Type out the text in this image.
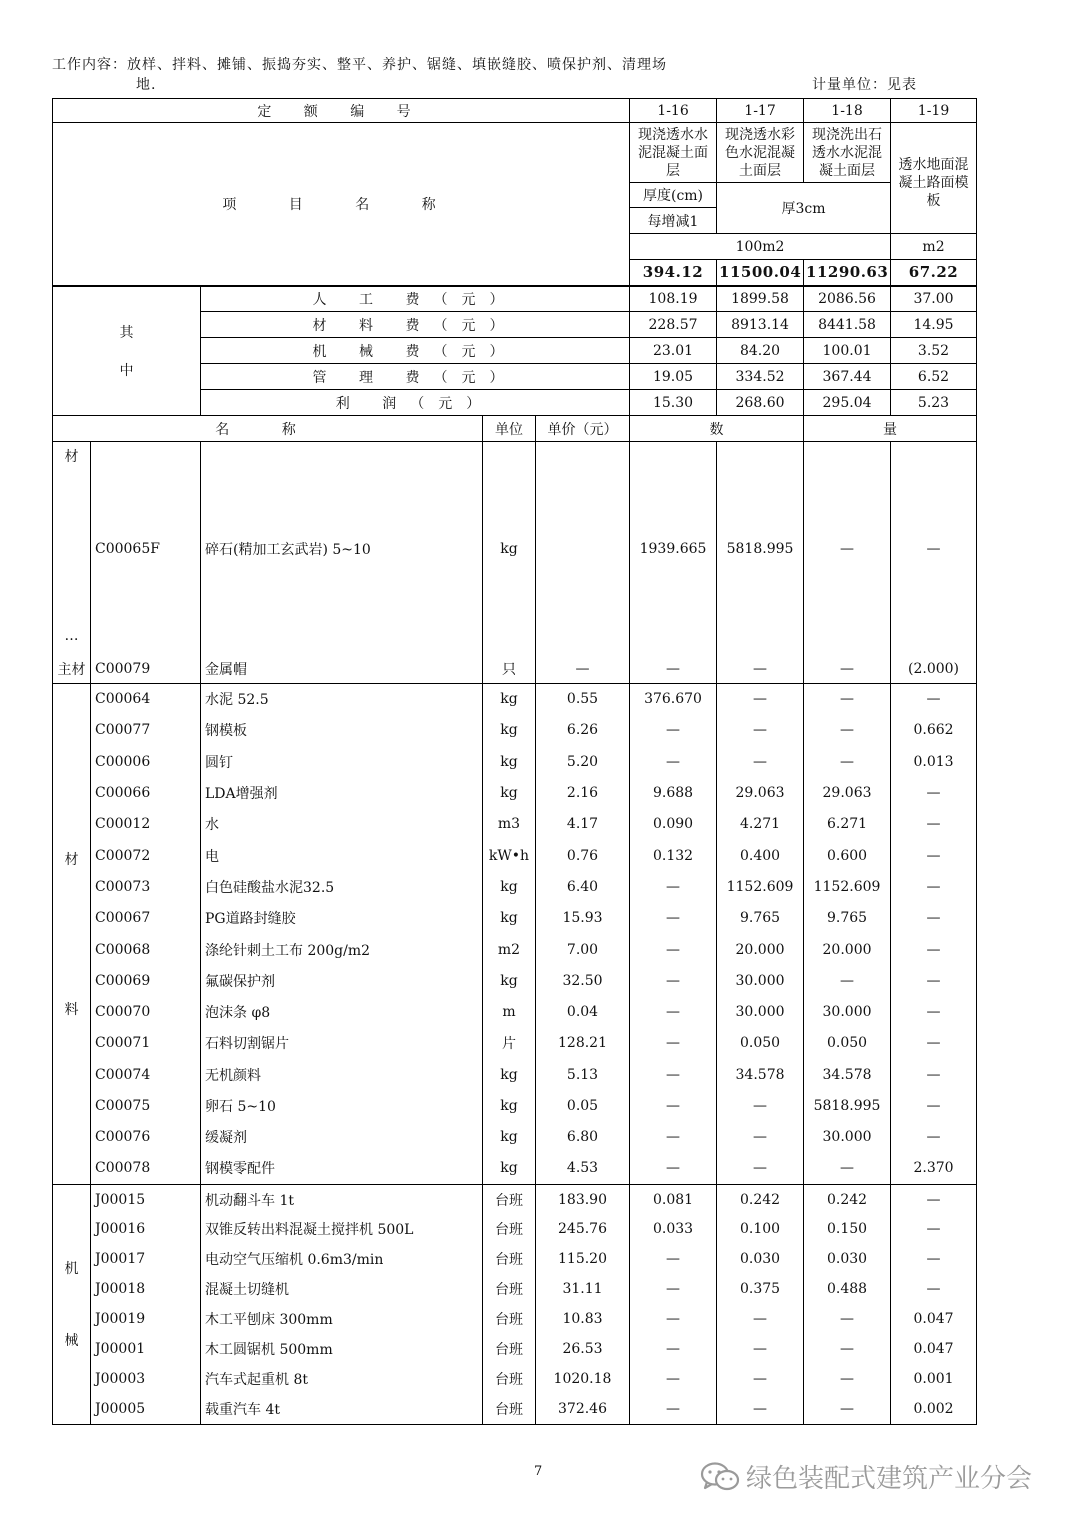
工作内容：放样、拌料、摊铺、振捣夯实、整平、养护、锯缝、填嵌缝胶、喷保护剂、清理场
地.	计量单位：见表
定 额 编 号					1-16	1-17	1-18	1-19
项 目 名 称					现浇透水水泥混凝土面层	现浇透水彩色水泥混凝土面层	现浇洗出石透水水泥混凝土面层	透水地面混凝土路面模板
					厚度(cm)	厚3cm		
					每增减1			
					100m2			m2
					394.12	11500.04	11290.63	67.22

其
中		人 工 费（元）			108.19	1899.58	2086.56	37.00
		材 料 费（元）			228.57	8913.14	8441.58	14.95
		机 械 费（元）			23.01	84.20	100.01	3.52
		管 理 费（元）			19.05	334.52	367.44	6.52
		利 润（元）			15.30	268.60	295.04	5.23
名 称			单位	单价（元）	数		量	

材
…	C00065F	碎石(精加工玄武岩) 5~10	kg		1939.665	5818.995	—	—
主材	C00079	金属帽	只	—	—	—	—	(2.000)

材
料	C00064	水泥 52.5	kg	0.55	376.670	—	—	—
	C00077	钢模板	kg	6.26	—	—	—	0.662
	C00006	圆钉	kg	5.20	—	—	—	0.013
	C00066	LDA增强剂	kg	2.16	9.688	29.063	29.063	—
	C00012	水	m3	4.17	0.090	4.271	6.271	—
	C00072	电	kW•h	0.76	0.132	0.400	0.600	—
	C00073	白色硅酸盐水泥32.5	kg	6.40	—	1152.609	1152.609	—
	C00067	PG道路封缝胶	kg	15.93	—	9.765	9.765	—
	C00068	涤纶针刺土工布 200g/m2	m2	7.00	—	20.000	20.000	—
	C00069	氟碳保护剂	kg	32.50	—	30.000	—	—
	C00070	泡沫条 φ8	m	0.04	—	30.000	30.000	—
	C00071	石料切割锯片	片	128.21	—	0.050	0.050	—
	C00074	无机颜料	kg	5.13	—	34.578	34.578	—
	C00075	卵石 5~10	kg	0.05	—	—	5818.995	—
	C00076	缓凝剂	kg	6.80	—	—	30.000	—
	C00078	钢模零配件	kg	4.53	—	—	—	2.370

机
械	J00015	机动翻斗车 1t	台班	183.90	0.081	0.242	0.242	—
	J00016	双锥反转出料混凝土搅拌机 500L	台班	245.76	0.033	0.100	0.150	—
	J00017	电动空气压缩机 0.6m3/min	台班	115.20	—	0.030	0.030	—
	J00018	混凝土切缝机	台班	31.11	—	0.375	0.488	—
	J00019	木工平刨床 300mm	台班	10.83	—	—	—	0.047
	J00001	木工圆锯机 500mm	台班	26.53	—	—	—	0.047
	J00003	汽车式起重机 8t	台班	1020.18	—	—	—	0.001
	J00005	载重汽车 4t	台班	372.46	—	—	—	0.002
7	绿色装配式建筑产业分会
